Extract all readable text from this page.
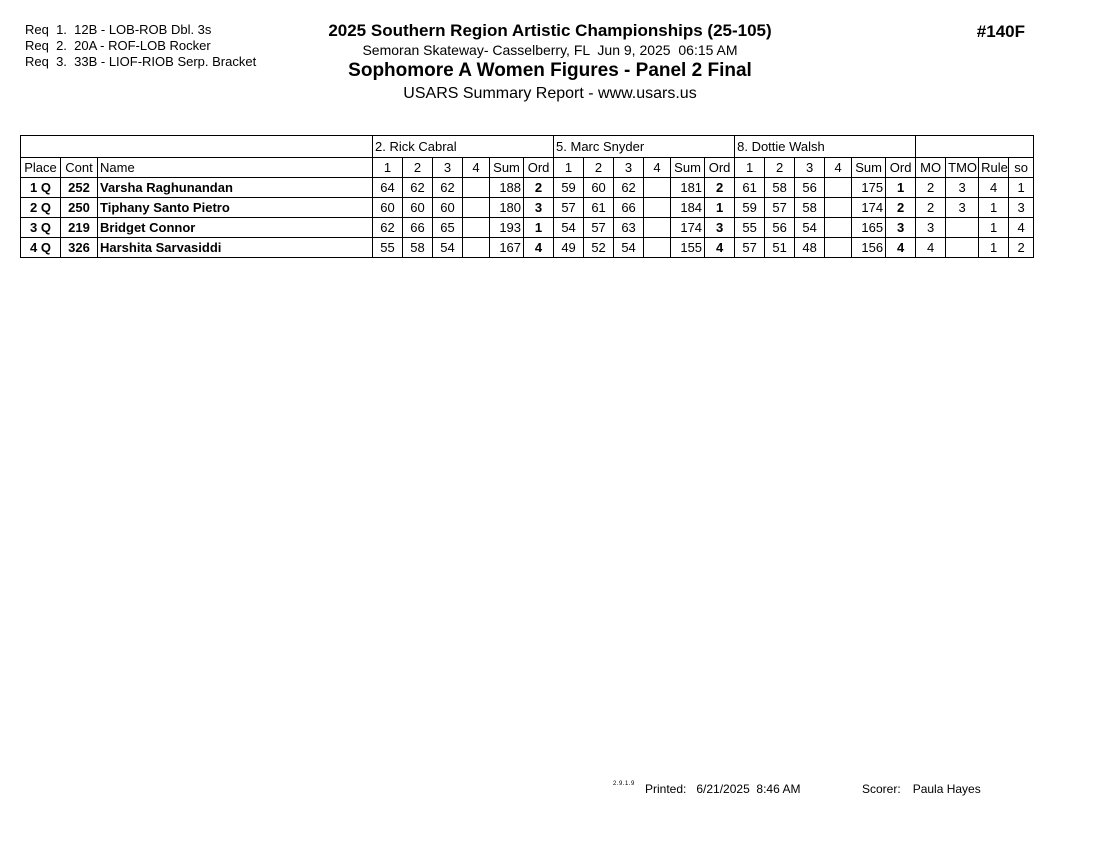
Req  1.  12B - LOB-ROB Dbl. 3s
Req  2.  20A - ROF-LOB Rocker
Req  3.  33B - LIOF-RIOB Serp. Bracket
2025 Southern Region Artistic Championships (25-105)
Semoran Skateway- Casselberry, FL  Jun 9, 2025  06:15 AM
Sophomore A Women Figures - Panel 2 Final
USARS Summary Report - www.usars.us
#140F
			2. Rick Cabral						5. Marc Snyder						8. Dottie Walsh									
Place	Cont	Name	1	2	3	4	Sum	Ord	1	2	3	4	Sum	Ord	1	2	3	4	Sum	Ord	MO	TMO	Rule	so
1 Q	252	Varsha Raghunandan	64	62	62		188	2	59	60	62		181	2	61	58	56		175	1	2	3	4	1
2 Q	250	Tiphany Santo Pietro	60	60	60		180	3	57	61	66		184	1	59	57	58		174	2	2	3	1	3
3 Q	219	Bridget Connor	62	66	65		193	1	54	57	63		174	3	55	56	54		165	3	3		1	4
4 Q	326	Harshita Sarvasiddi	55	58	54		167	4	49	52	54		155	4	57	51	48		156	4	4		1	2
2.9.1.9 Printed: 6/21/2025  8:46 AM	Scorer: Paula Hayes
